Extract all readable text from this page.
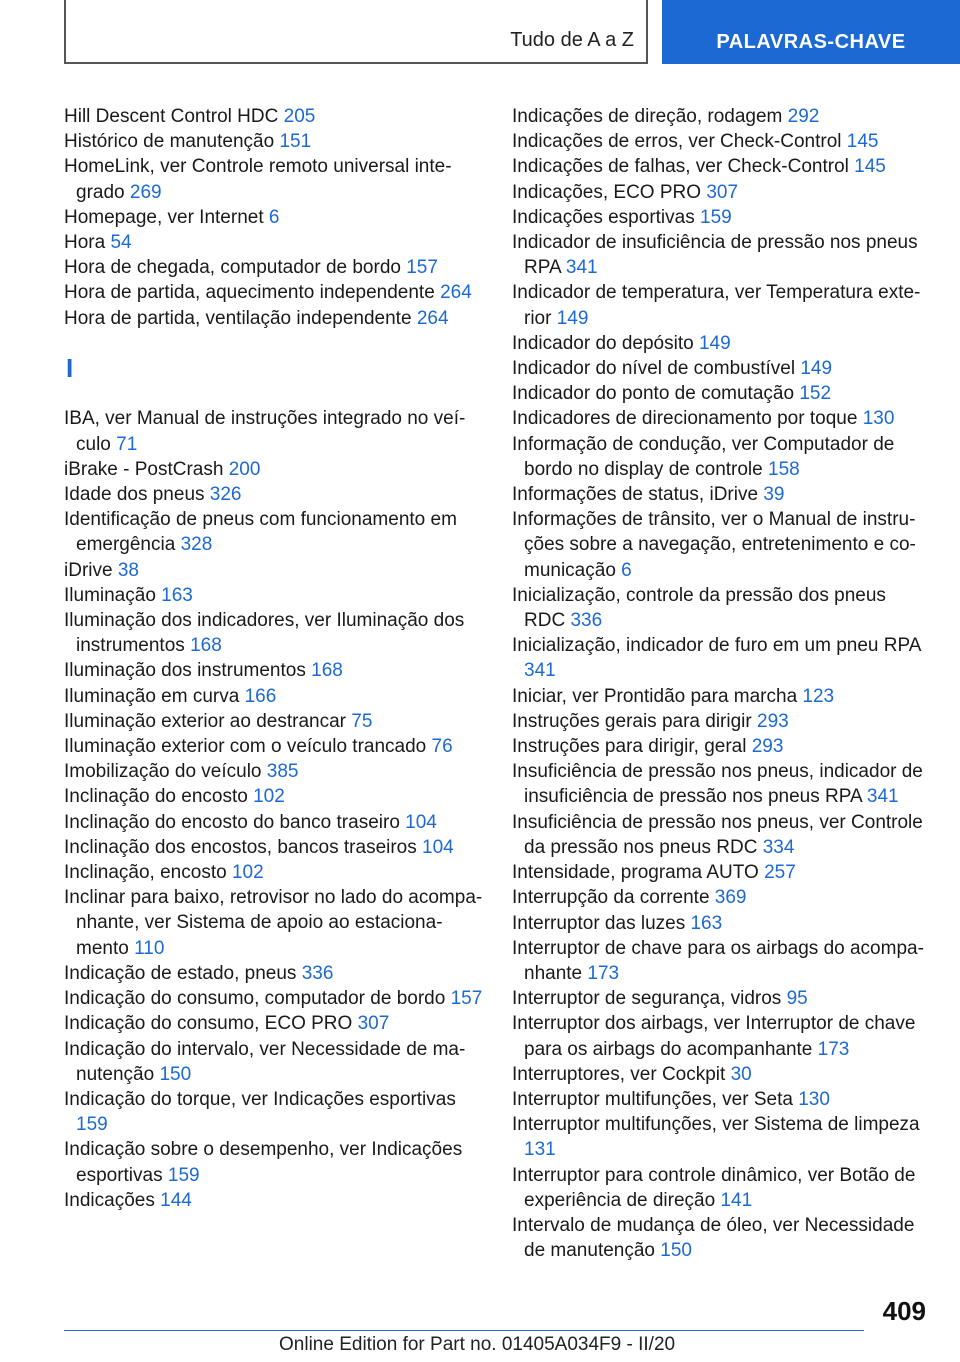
Tudo de A a Z	PALAVRAS-CHAVE
Hill Descent Control HDC 205
Histórico de manutenção 151
HomeLink, ver Controle remoto universal integrado 269
Homepage, ver Internet 6
Hora 54
Hora de chegada, computador de bordo 157
Hora de partida, aquecimento independente 264
Hora de partida, ventilação independente 264
I
IBA, ver Manual de instruções integrado no veículo 71
iBrake - PostCrash 200
Idade dos pneus 326
Identificação de pneus com funcionamento em emergência 328
iDrive 38
Iluminação 163
Iluminação dos indicadores, ver Iluminação dos instrumentos 168
Iluminação dos instrumentos 168
Iluminação em curva 166
Iluminação exterior ao destrancar 75
Iluminação exterior com o veículo trancado 76
Imobilização do veículo 385
Inclinação do encosto 102
Inclinação do encosto do banco traseiro 104
Inclinação dos encostos, bancos traseiros 104
Inclinação, encosto 102
Inclinar para baixo, retrovisor no lado do acompanhante, ver Sistema de apoio ao estacionamento 110
Indicação de estado, pneus 336
Indicação do consumo, computador de bordo 157
Indicação do consumo, ECO PRO 307
Indicação do intervalo, ver Necessidade de manutenção 150
Indicação do torque, ver Indicações esportivas 159
Indicação sobre o desempenho, ver Indicações esportivas 159
Indicações 144
Indicações de direção, rodagem 292
Indicações de erros, ver Check-Control 145
Indicações de falhas, ver Check-Control 145
Indicações, ECO PRO 307
Indicações esportivas 159
Indicador de insuficiência de pressão nos pneus RPA 341
Indicador de temperatura, ver Temperatura exterior 149
Indicador do depósito 149
Indicador do nível de combustível 149
Indicador do ponto de comutação 152
Indicadores de direcionamento por toque 130
Informação de condução, ver Computador de bordo no display de controle 158
Informações de status, iDrive 39
Informações de trânsito, ver o Manual de instruções sobre a navegação, entretenimento e comunicação 6
Inicialização, controle da pressão dos pneus RDC 336
Inicialização, indicador de furo em um pneu RPA 341
Iniciar, ver Prontidão para marcha 123
Instruções gerais para dirigir 293
Instruções para dirigir, geral 293
Insuficiência de pressão nos pneus, indicador de insuficiência de pressão nos pneus RPA 341
Insuficiência de pressão nos pneus, ver Controle da pressão nos pneus RDC 334
Intensidade, programa AUTO 257
Interrupção da corrente 369
Interruptor das luzes 163
Interruptor de chave para os airbags do acompanhante 173
Interruptor de segurança, vidros 95
Interruptor dos airbags, ver Interruptor de chave para os airbags do acompanhante 173
Interruptores, ver Cockpit 30
Interruptor multifunções, ver Seta 130
Interruptor multifunções, ver Sistema de limpeza 131
Interruptor para controle dinâmico, ver Botão de experiência de direção 141
Intervalo de mudança de óleo, ver Necessidade de manutenção 150
409
Online Edition for Part no. 01405A034F9 - II/20
